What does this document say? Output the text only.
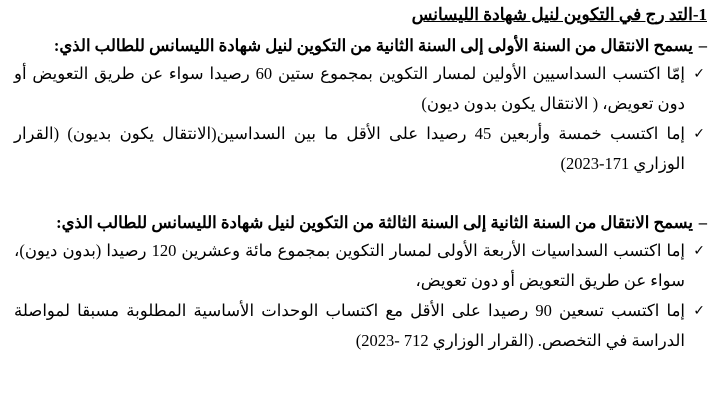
1-التد رج في التكوين لنيل شهادة الليسانس

–يسمح الانتقال من السنة الأولى إلى السنة الثانية من التكوين لنيل شهادة الليسانس للطالب الذي:

✓
إمّا اكتسب السداسيين الأولين لمسار التكوين بمجموع ستين 60 رصيدا سواء عن طريق التعويض أو دون تعويض، ( الانتقال يكون بدون ديون)
✓
إما اكتسب خمسة وأربعين 45 رصيدا على الأقل ما بين السداسين(الانتقال يكون بديون) (القرار الوزاري 171-2023)

–يسمح الانتقال من السنة الثانية إلى السنة الثالثة من التكوين لنيل شهادة الليسانس للطالب الذي:

✓
إما اكتسب السداسيات الأربعة الأولى لمسار التكوين بمجموع مائة وعشرين 120 رصيدا (بدون ديون)، سواء عن طريق التعويض أو دون تعويض،
✓
إما اكتسب تسعين 90 رصيدا على الأقل مع اكتساب الوحدات الأساسية المطلوبة مسبقا لمواصلة الدراسة في التخصص. (القرار الوزاري 712 -2023)
